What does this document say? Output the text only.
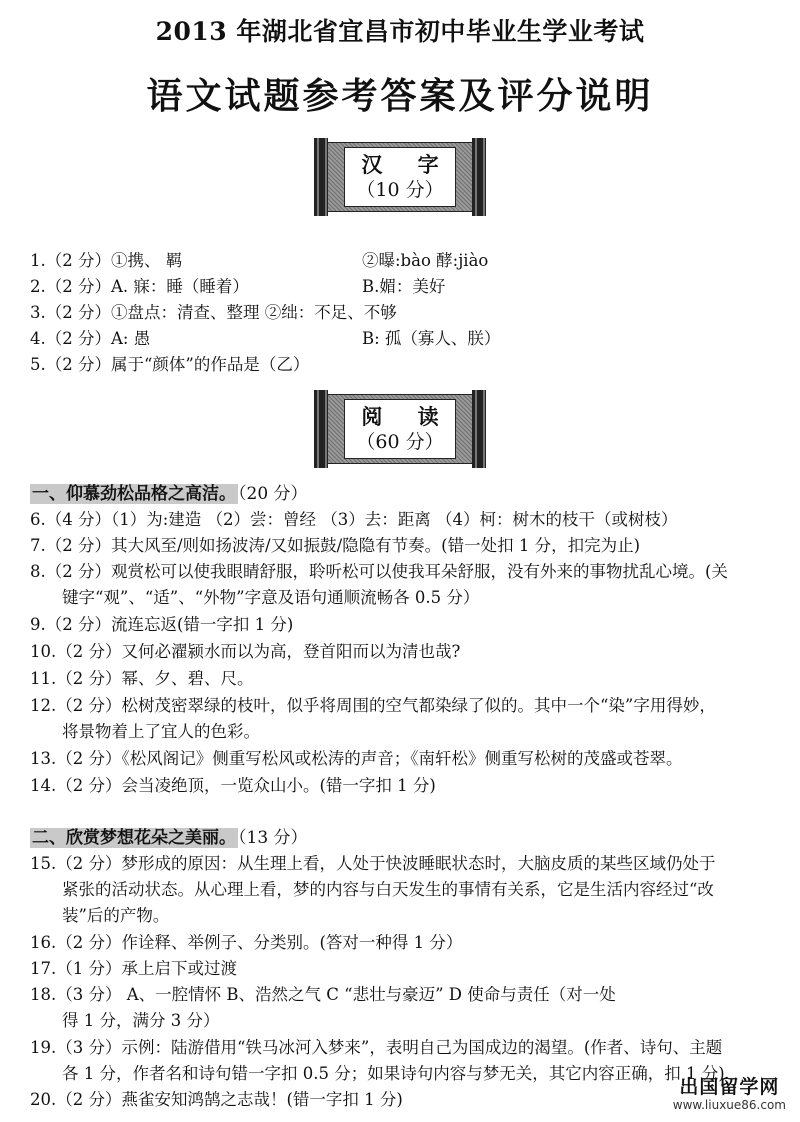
2013 年湖北省宜昌市初中毕业生学业考试
语文试题参考答案及评分说明
汉 字
（10 分）
1.（2 分）①携、 羁	②曝:bào 酵:jiào
2.（2 分）A. 寐：睡（睡着）	B.媚：美好
3.（2 分）①盘点：清查、整理 ②绌：不足、不够
4.（2 分）A: 愚	B: 孤（寡人、朕）
5.（2 分）属于“颜体”的作品是（乙）
阅 读
（60 分）
一、仰慕劲松品格之高洁。 （20 分）
6.（4 分）（1）为:建造 （2）尝：曾经 （3）去：距离 （4）柯：树木的枝干（或树枝）
7.（2 分）其大风至/则如扬波涛/又如振鼓/隐隐有节奏。(错一处扣 1 分，扣完为止)
8.（2 分）观赏松可以使我眼睛舒服，聆听松可以使我耳朵舒服，没有外来的事物扰乱心境。(关
键字“观”、“适”、“外物”字意及语句通顺流畅各 0.5 分）
9.（2 分）流连忘返(错一字扣 1 分)
10.（2 分）又何必濯颍水而以为高，登首阳而以为清也哉?
11.（2 分）幂、夕、碧、尺。
12.（2 分）松树茂密翠绿的枝叶，似乎将周围的空气都染绿了似的。其中一个“染”字用得妙，
将景物着上了宜人的色彩。
13.（2 分）《松风阁记》侧重写松风或松涛的声音；《南轩松》侧重写松树的茂盛或苍翠。
14.（2 分）会当凌绝顶，一览众山小。(错一字扣 1 分)
二、欣赏梦想花朵之美丽。 （13 分）
15.（2 分）梦形成的原因：从生理上看，人处于快波睡眠状态时，大脑皮质的某些区域仍处于
紧张的活动状态。从心理上看，梦的内容与白天发生的事情有关系，它是生活内容经过“改
装”后的产物。
16.（2 分）作诠释、举例子、分类别。(答对一种得 1 分）
17.（1 分）承上启下或过渡
18.（3 分） A、一腔情怀 B、浩然之气 C “悲壮与豪迈” D 使命与责任（对一处
得 1 分，满分 3 分）
19.（3 分）示例：陆游借用“铁马冰河入梦来”，表明自己为国成边的渴望。(作者、诗句、主题
各 1 分，作者名和诗句错一字扣 0.5 分；如果诗句内容与梦无关，其它内容正确，扣 1 分)
20.（2 分）燕雀安知鸿鹄之志哉！(错一字扣 1 分)
出国留学网
www.liuxue86.com
